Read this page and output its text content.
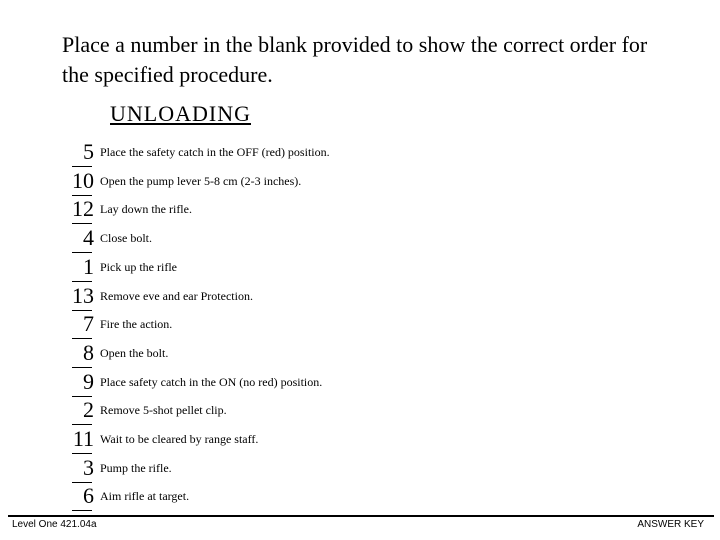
Place a number in the blank provided to show the correct order for the specified procedure.
UNLOADING
5 Place the safety catch in the OFF (red) position.
10 Open the pump lever 5-8 cm (2-3 inches).
12 Lay down the rifle.
4 Close bolt.
1 Pick up the rifle
13 Remove eve and ear Protection.
7 Fire the action.
8 Open the bolt.
9 Place safety catch in the ON (no red) position.
2 Remove 5-shot pellet clip.
11 Wait to be cleared by range staff.
3 Pump the rifle.
6 Aim rifle at target.
Level One 421.04a	ANSWER KEY
